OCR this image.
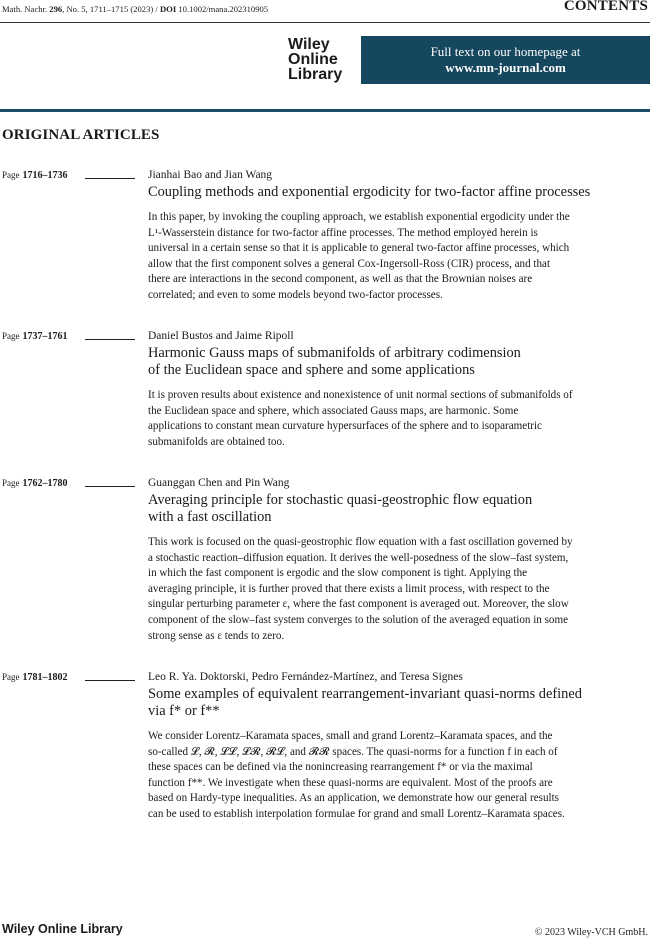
Math. Nachr. 296, No. 5, 1711–1715 (2023) / DOI 10.1002/mana.202310905	CONTENTS
Wiley
Online
Library
Full text on our homepage at
www.mn-journal.com
ORIGINAL ARTICLES
Page 1716–1736	Jianhai Bao and Jian Wang
Coupling methods and exponential ergodicity for two-factor affine processes
In this paper, by invoking the coupling approach, we establish exponential ergodicity under the
L¹-Wasserstein distance for two-factor affine processes. The method employed herein is
universal in a certain sense so that it is applicable to general two-factor affine processes, which
allow that the first component solves a general Cox-Ingersoll-Ross (CIR) process, and that
there are interactions in the second component, as well as that the Brownian noises are
correlated; and even to some models beyond two-factor processes.
Page 1737–1761	Daniel Bustos and Jaime Ripoll
Harmonic Gauss maps of submanifolds of arbitrary codimension
of the Euclidean space and sphere and some applications
It is proven results about existence and nonexistence of unit normal sections of submanifolds of
the Euclidean space and sphere, which associated Gauss maps, are harmonic. Some
applications to constant mean curvature hypersurfaces of the sphere and to isoparametric
submanifolds are obtained too.
Page 1762–1780	Guanggan Chen and Pin Wang
Averaging principle for stochastic quasi-geostrophic flow equation
with a fast oscillation
This work is focused on the quasi-geostrophic flow equation with a fast oscillation governed by
a stochastic reaction–diffusion equation. It derives the well-posedness of the slow–fast system,
in which the fast component is ergodic and the slow component is tight. Applying the
averaging principle, it is further proved that there exists a limit process, with respect to the
singular perturbing parameter ε, where the fast component is averaged out. Moreover, the slow
component of the slow–fast system converges to the solution of the averaged equation in some
strong sense as ε tends to zero.
Page 1781–1802	Leo R. Ya. Doktorski, Pedro Fernández-Martínez, and Teresa Signes
Some examples of equivalent rearrangement-invariant quasi-norms defined
via f* or f**
We consider Lorentz–Karamata spaces, small and grand Lorentz–Karamata spaces, and the
so-called 𝓛, 𝓡, 𝓛𝓛, 𝓛𝓡, 𝓡𝓛, and 𝓡𝓡 spaces. The quasi-norms for a function f in each of
these spaces can be defined via the nonincreasing rearrangement f* or via the maximal
function f**. We investigate when these quasi-norms are equivalent. Most of the proofs are
based on Hardy-type inequalities. As an application, we demonstrate how our general results
can be used to establish interpolation formulae for grand and small Lorentz–Karamata spaces.
Wiley Online Library	© 2023 Wiley-VCH GmbH.
